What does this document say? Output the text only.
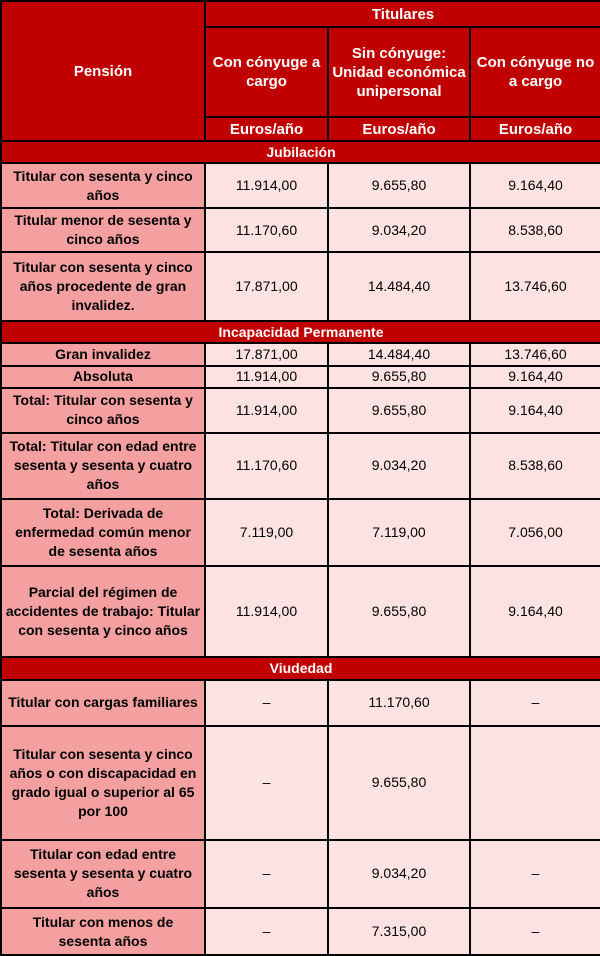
Pensión	Titulares		
	Con cónyuge a cargo	Sin cónyuge: Unidad económica unipersonal	Con cónyuge no a cargo
	Euros/año	Euros/año	Euros/año
Jubilación			
Titular con sesenta y cinco años	11.914,00	9.655,80	9.164,40
Titular menor de sesenta y cinco años	11.170,60	9.034,20	8.538,60
Titular con sesenta y cinco años procedente de gran invalidez.	17.871,00	14.484,40	13.746,60
Incapacidad Permanente			
Gran invalidez	17.871,00	14.484,40	13.746,60
Absoluta	11.914,00	9.655,80	9.164,40
Total: Titular con sesenta y cinco años	11.914,00	9.655,80	9.164,40
Total: Titular con edad entre sesenta y sesenta y cuatro años	11.170,60	9.034,20	8.538,60
Total: Derivada de enfermedad común menor de sesenta años	7.119,00	7.119,00	7.056,00
Parcial del régimen de accidentes de trabajo: Titular con sesenta y cinco años	11.914,00	9.655,80	9.164,40
Viudedad			
Titular con cargas familiares	–	11.170,60	–
Titular con sesenta y cinco años o con discapacidad en grado igual o superior al 65 por 100	–	9.655,80	
Titular con edad entre sesenta y sesenta y cuatro años	–	9.034,20	–
Titular con menos de sesenta años	–	7.315,00	–
